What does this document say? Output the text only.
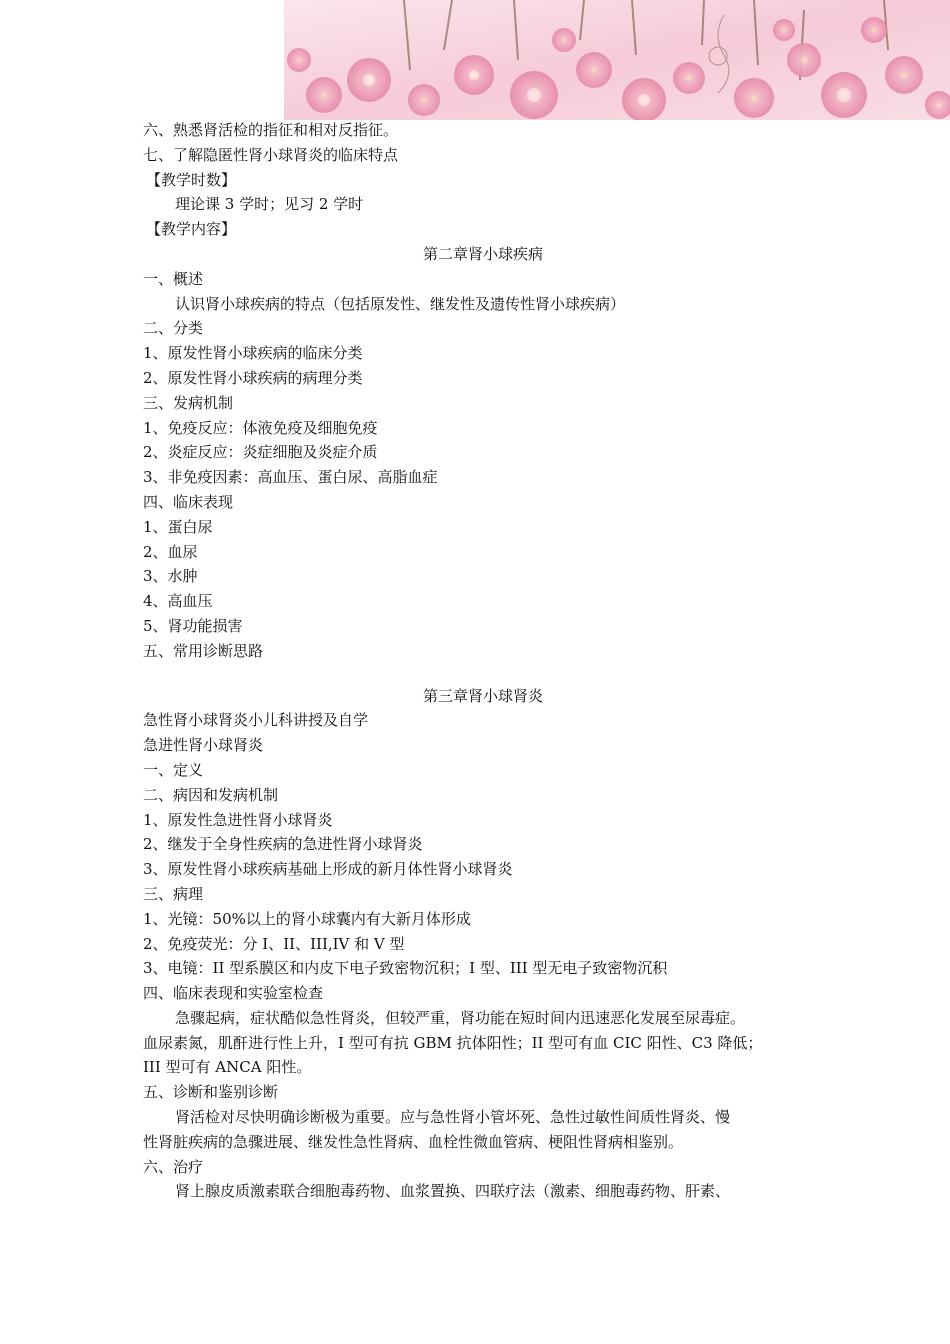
六、熟悉肾活检的指征和相对反指征。
七、了解隐匿性肾小球肾炎的临床特点
【教学时数】
理论课 3 学时；见习 2 学时
【教学内容】
第二章肾小球疾病
一、概述
认识肾小球疾病的特点（包括原发性、继发性及遗传性肾小球疾病）
二、分类
1、原发性肾小球疾病的临床分类
2、原发性肾小球疾病的病理分类
三、发病机制
1、免疫反应：体液免疫及细胞免疫
2、炎症反应：炎症细胞及炎症介质
3、非免疫因素：高血压、蛋白尿、高脂血症
四、临床表现
1、蛋白尿
2、血尿
3、水肿
4、高血压
5、肾功能损害
五、常用诊断思路
第三章肾小球肾炎
急性肾小球肾炎小儿科讲授及自学
急进性肾小球肾炎
一、定义
二、病因和发病机制
1、原发性急进性肾小球肾炎
2、继发于全身性疾病的急进性肾小球肾炎
3、原发性肾小球疾病基础上形成的新月体性肾小球肾炎
三、病理
1、光镜：50%以上的肾小球囊内有大新月体形成
2、免疫荧光：分 I、II、III,IV 和 V 型
3、电镜：II 型系膜区和内皮下电子致密物沉积；I 型、III 型无电子致密物沉积
四、临床表现和实验室检查
急骤起病，症状酷似急性肾炎，但较严重，肾功能在短时间内迅速恶化发展至尿毒症。
血尿素氮，肌酐进行性上升，I 型可有抗 GBM 抗体阳性；II 型可有血 CIC 阳性、C3 降低；
III 型可有 ANCA 阳性。
五、诊断和鉴别诊断
肾活检对尽快明确诊断极为重要。应与急性肾小管坏死、急性过敏性间质性肾炎、慢
性肾脏疾病的急骤进展、继发性急性肾病、血栓性微血管病、梗阻性肾病相鉴别。
六、治疗
肾上腺皮质激素联合细胞毒药物、血浆置换、四联疗法（激素、细胞毒药物、肝素、
